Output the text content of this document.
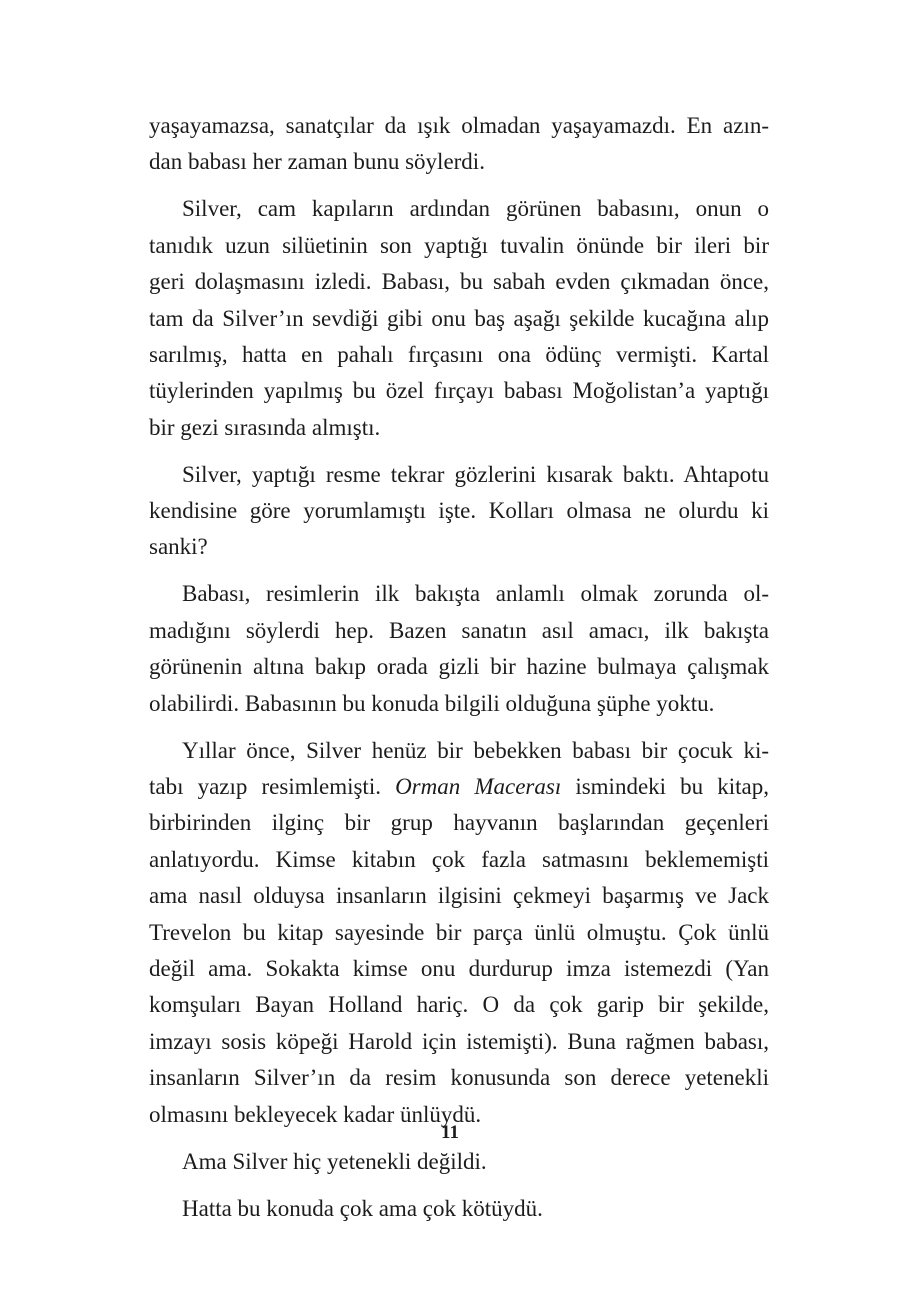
yaşayamazsa, sanatçılar da ışık olmadan yaşayamazdı. En azın-
dan babası her zaman bunu söylerdi.
Silver, cam kapıların ardından görünen babasını, onun o
tanıdık uzun silüetinin son yaptığı tuvalin önünde bir ileri bir
geri dolaşmasını izledi. Babası, bu sabah evden çıkmadan önce,
tam da Silver’ın sevdiği gibi onu baş aşağı şekilde kucağına alıp
sarılmış, hatta en pahalı fırçasını ona ödünç vermişti. Kartal
tüylerinden yapılmış bu özel fırçayı babası Moğolistan’a yaptığı
bir gezi sırasında almıştı.
Silver, yaptığı resme tekrar gözlerini kısarak baktı. Ahtapotu
kendisine göre yorumlamıştı işte. Kolları olmasa ne olurdu ki
sanki?
Babası, resimlerin ilk bakışta anlamlı olmak zorunda ol-
madığını söylerdi hep. Bazen sanatın asıl amacı, ilk bakışta
görünenin altına bakıp orada gizli bir hazine bulmaya çalışmak
olabilirdi. Babasının bu konuda bilgili olduğuna şüphe yoktu.
Yıllar önce, Silver henüz bir bebekken babası bir çocuk ki-
tabı yazıp resimlemişti. Orman Macerası ismindeki bu kitap,
birbirinden ilginç bir grup hayvanın başlarından geçenleri
anlatıyordu. Kimse kitabın çok fazla satmasını beklememişti
ama nasıl olduysa insanların ilgisini çekmeyi başarmış ve Jack
Trevelon bu kitap sayesinde bir parça ünlü olmuştu. Çok ünlü
değil ama. Sokakta kimse onu durdurup imza istemezdi (Yan
komşuları Bayan Holland hariç. O da çok garip bir şekilde,
imzayı sosis köpeği Harold için istemişti). Buna rağmen babası,
insanların Silver’ın da resim konusunda son derece yetenekli
olmasını bekleyecek kadar ünlüydü.
Ama Silver hiç yetenekli değildi.
Hatta bu konuda çok ama çok kötüydü.
11
